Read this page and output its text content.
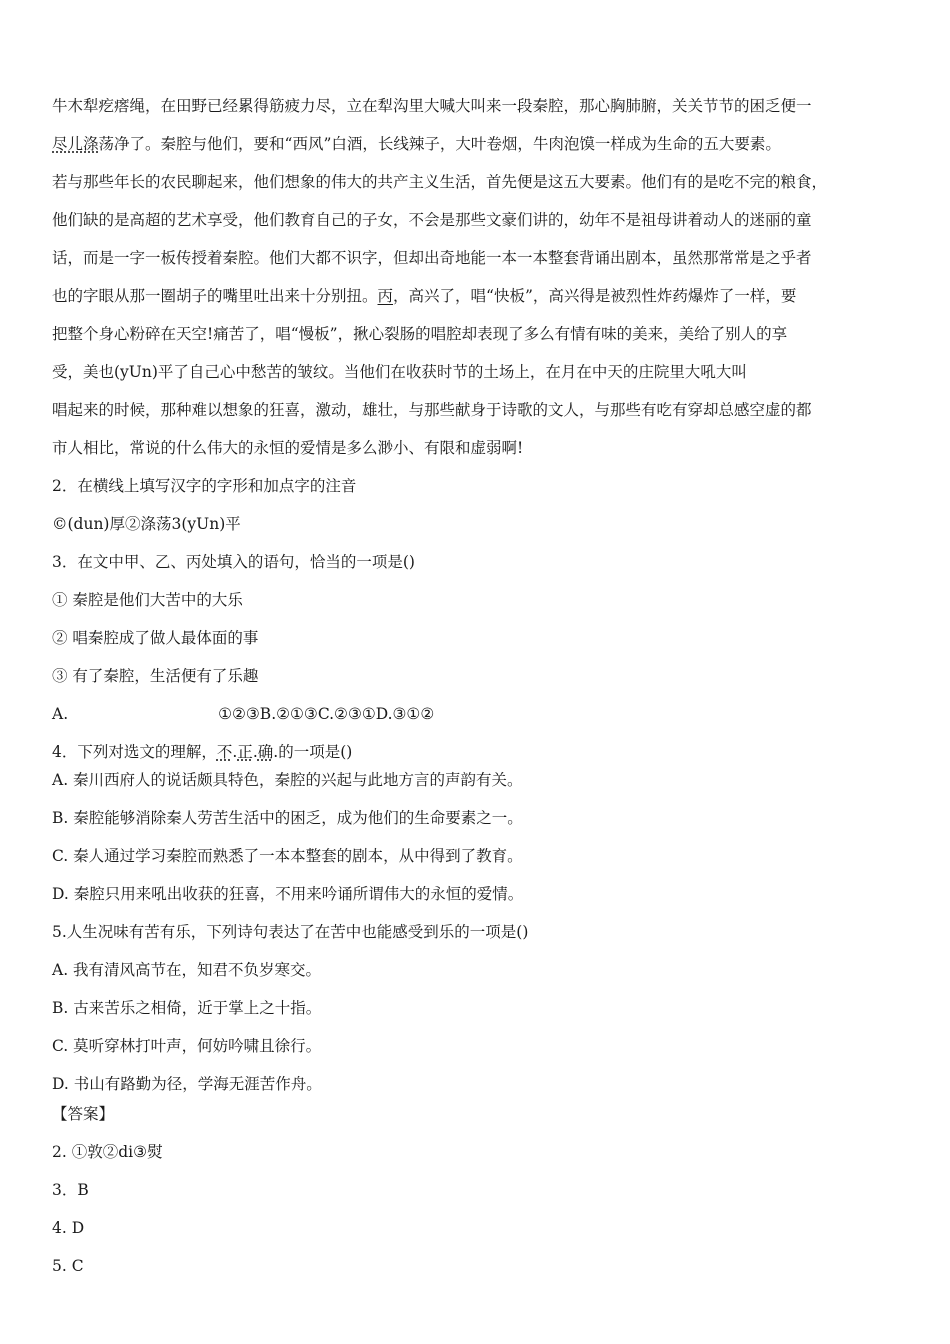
牛木犁疙瘩绳，在田野已经累得筋疲力尽，立在犁沟里大喊大叫来一段秦腔，那心胸肺腑，关关节节的困乏便一
尽儿涤荡净了。秦腔与他们，要和“西风”白酒，长线辣子，大叶卷烟，牛肉泡馍一样成为生命的五大要素。
若与那些年长的农民聊起来，他们想象的伟大的共产主义生活，首先便是这五大要素。他们有的是吃不完的粮食，
他们缺的是高超的艺术享受，他们教育自己的子女，不会是那些文豪们讲的，幼年不是祖母讲着动人的迷丽的童
话，而是一字一板传授着秦腔。他们大都不识字，但却出奇地能一本一本整套背诵出剧本，虽然那常常是之乎者
也的字眼从那一圈胡子的嘴里吐出来十分别扭。丙，高兴了，唱“快板”，高兴得是被烈性炸药爆炸了一样，要
把整个身心粉碎在天空!痛苦了，唱“慢板”，揪心裂肠的唱腔却表现了多么有情有味的美来，美给了别人的享
受，美也(yUn)平了自己心中愁苦的皱纹。当他们在收获时节的土场上，在月在中天的庄院里大吼大叫
唱起来的时候，那种难以想象的狂喜，激动，雄壮，与那些献身于诗歌的文人，与那些有吃有穿却总感空虚的都
市人相比，常说的什么伟大的永恒的爱情是多么渺小、有限和虚弱啊!
2．在横线上填写汉字的字形和加点字的注音
©(dun)厚②涤荡3(yUn)平
3．在文中甲、乙、丙处填入的语句，恰当的一项是()
① 秦腔是他们大苦中的大乐
② 唱秦腔成了做人最体面的事
③ 有了秦腔，生活便有了乐趣
A.	①②③B.②①③C.②③①D.③①②
4．下列对选文的理解，不.正.确.的一项是()
A. 秦川西府人的说话颇具特色，秦腔的兴起与此地方言的声韵有关。
B. 秦腔能够消除秦人劳苦生活中的困乏，成为他们的生命要素之一。
C. 秦人通过学习秦腔而熟悉了一本本整套的剧本，从中得到了教育。
D. 秦腔只用来吼出收获的狂喜，不用来吟诵所谓伟大的永恒的爱情。
5.人生况味有苦有乐，下列诗句表达了在苦中也能感受到乐的一项是()
A. 我有清风高节在，知君不负岁寒交。
B. 古来苦乐之相倚，近于掌上之十指。
C. 莫听穿林打叶声，何妨吟啸且徐行。
D. 书山有路勤为径，学海无涯苦作舟。
【答案】
2. ①敦②di③熨
3．B
4. D
5. C
